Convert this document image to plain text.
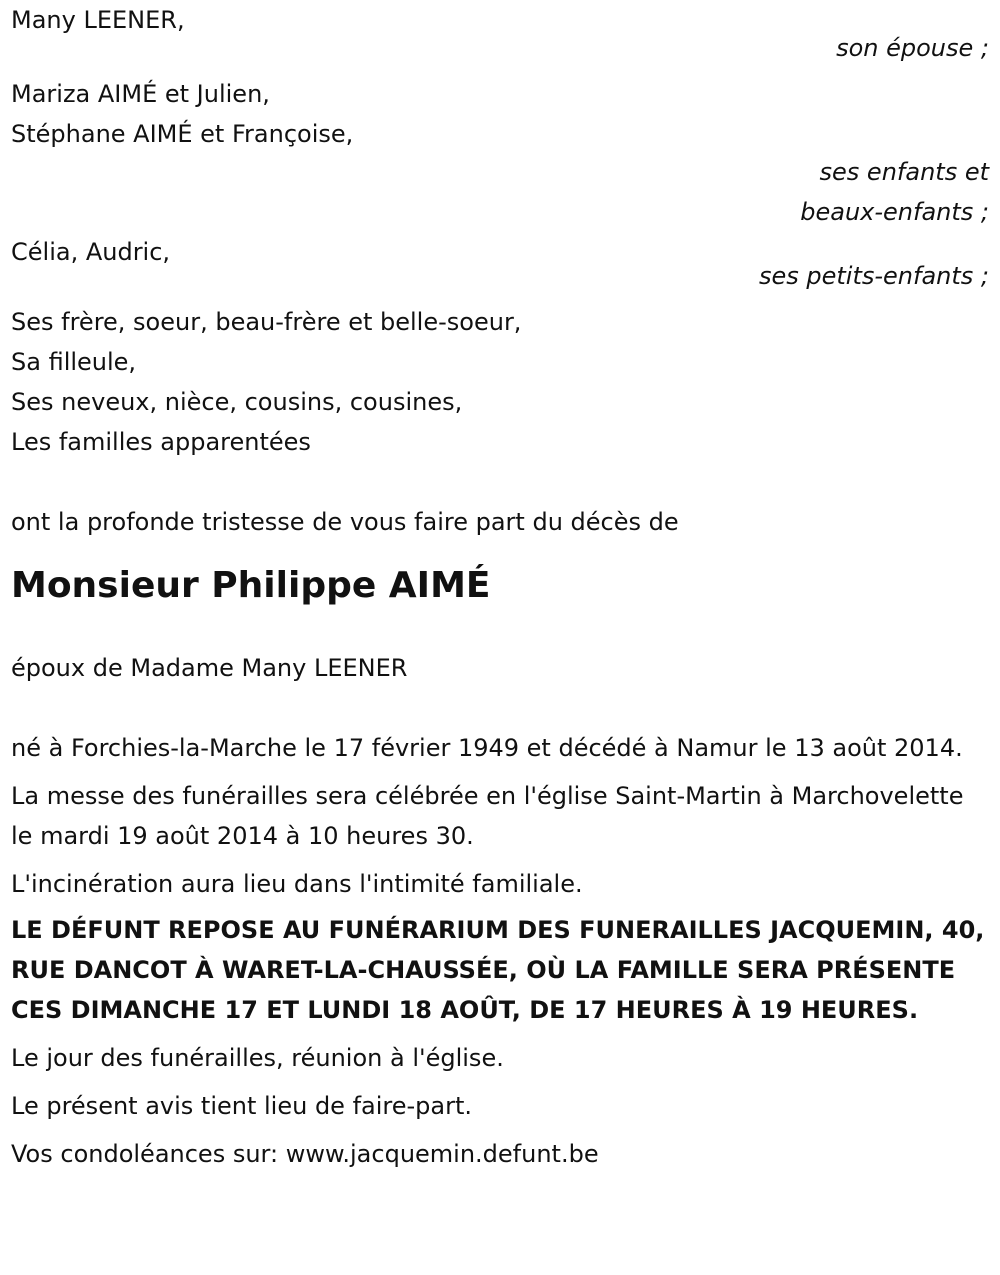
Many LEENER,
son épouse ;
Mariza AIMÉ et Julien,
Stéphane AIMÉ et Françoise,
ses enfants et
beaux-enfants ;
Célia, Audric,
ses petits-enfants ;
Ses frère, soeur, beau-frère et belle-soeur,
Sa filleule,
Ses neveux, nièce, cousins, cousines,
Les familles apparentées
ont la profonde tristesse de vous faire part du décès de
Monsieur Philippe AIMÉ
époux de Madame Many LEENER
né à Forchies-la-Marche le 17 février 1949 et décédé à Namur le 13 août 2014.
La messe des funérailles sera célébrée en l'église Saint-Martin à Marchovelette le mardi 19 août 2014 à 10 heures 30.
L'incinération aura lieu dans l'intimité familiale.
LE DÉFUNT REPOSE AU FUNÉRARIUM DES FUNERAILLES JACQUEMIN, 40, RUE DANCOT À WARET-LA-CHAUSSÉE, OÙ LA FAMILLE SERA PRÉSENTE CES DIMANCHE 17 ET LUNDI 18 AOÛT, DE 17 HEURES À 19 HEURES.
Le jour des funérailles, réunion à l'église.
Le présent avis tient lieu de faire-part.
Vos condoléances sur: www.jacquemin.defunt.be
